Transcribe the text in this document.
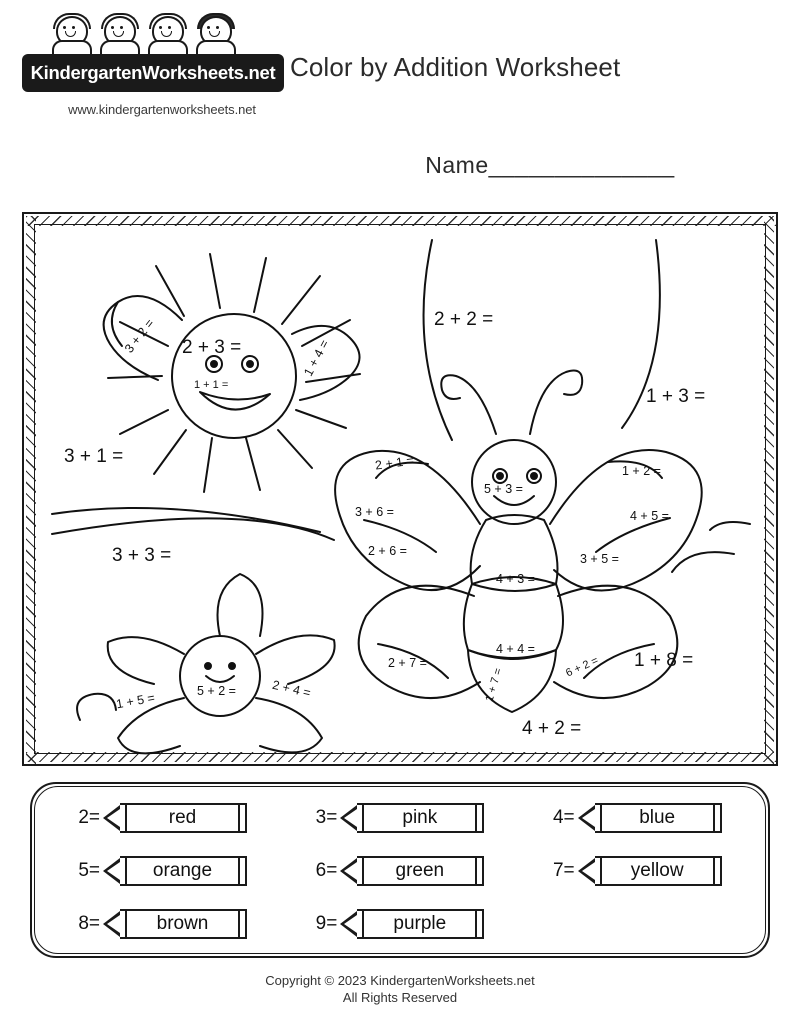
KindergartenWorksheets.net
www.kindergartenworksheets.net
Color by Addition Worksheet
Name______________
3 + 2 = 2 + 3 =	1 + 4 =
1 + 1 =
3 + 1 =
2 + 2 =
1 + 3 =
3 + 3 =
1 + 5 =	5 + 2 =	2 + 4 =
2 + 1 =
3 + 6 =
2 + 6 =
5 + 3 =
4 + 3 =
4 + 4 =
1 + 2 =
4 + 5 =
3 + 5 =
2 + 7 =
1 + 7 =	6 + 2 = 1 + 8 =
4 + 2 =
2=	red	3=	pink	4=	blue
5=	orange	6=	green	7=	yellow
8=	brown	9=	purple
Copyright © 2023 KindergartenWorksheets.net
All Rights Reserved
